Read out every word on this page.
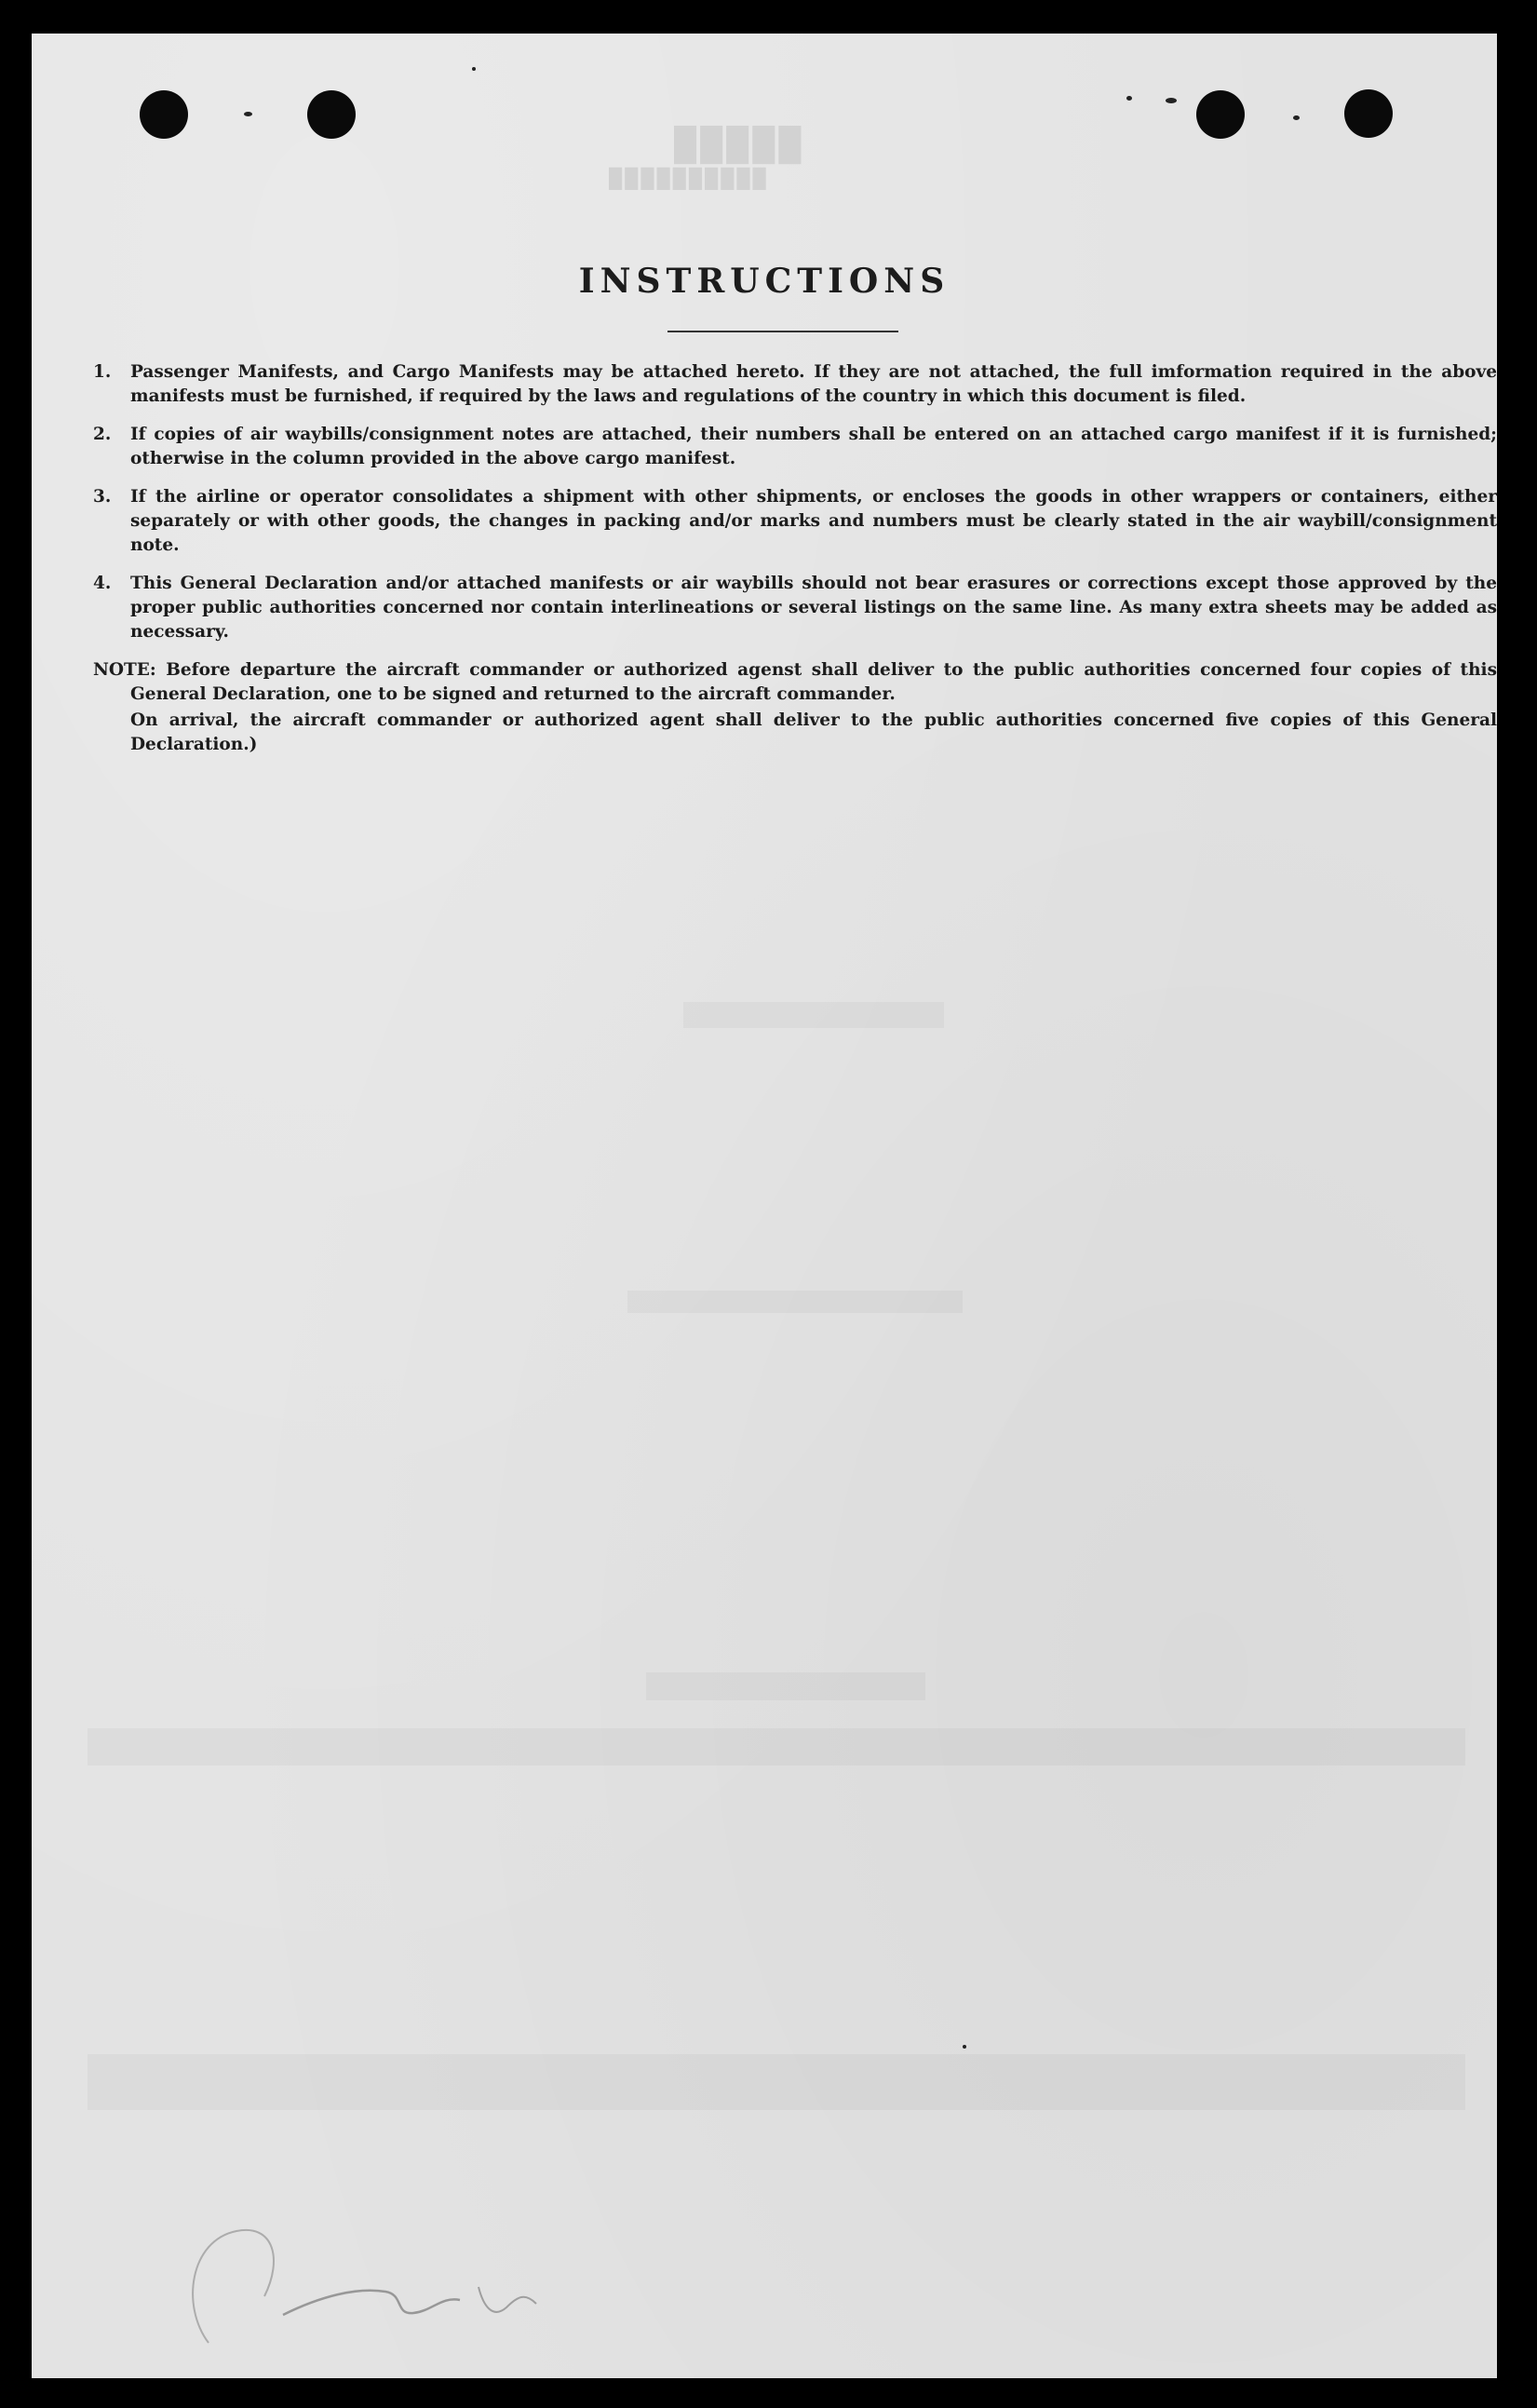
█████
██████████
INSTRUCTIONS
1. Passenger Manifests, and Cargo Manifests may be attached hereto. If they are not attached, the full imformation required in the above manifests must be furnished, if required by the laws and regulations of the country in which this document is filed.
2. If copies of air waybills/consignment notes are attached, their numbers shall be entered on an attached cargo manifest if it is furnished; otherwise in the column provided in the above cargo manifest.
3. If the airline or operator consolidates a shipment with other shipments, or encloses the goods in other wrappers or containers, either separately or with other goods, the changes in packing and/or marks and numbers must be clearly stated in the air waybill/consignment note.
4. This General Declaration and/or attached manifests or air waybills should not bear erasures or corrections except those approved by the proper public authorities concerned nor contain interlineations or several listings on the same line. As many extra sheets may be added as necessary.

NOTE: Before departure the aircraft commander or authorized agenst shall deliver to the public authorities concerned four copies of this General Declaration, one to be signed and returned to the aircraft commander.

On arrival, the aircraft commander or authorized agent shall deliver to the public authorities concerned five copies of this General Declaration.)
